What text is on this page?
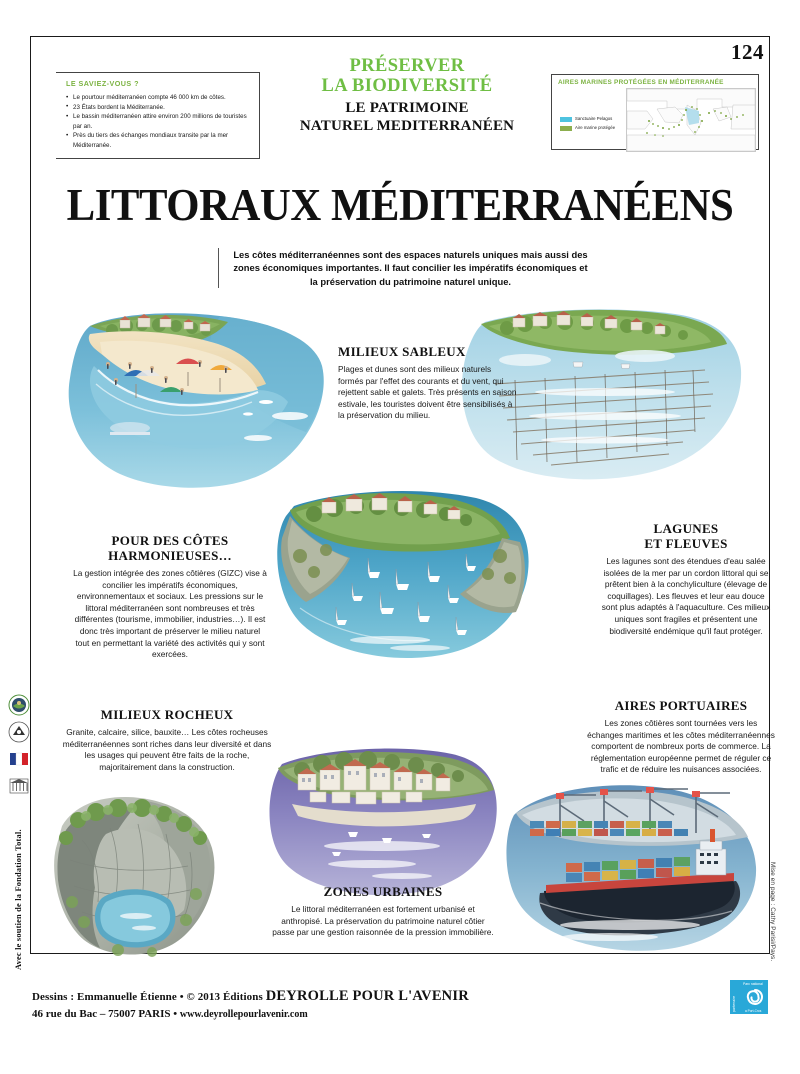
124
LE SAVIEZ-VOUS ?
• Le pourtour méditerranéen compte 46 000 km de côtes.
• 23 États bordent la Méditerranée.
• Le bassin méditerranéen attire environ 200 millions de touristes par an.
• Près du tiers des échanges mondiaux transite par la mer Méditerranée.
PRÉSERVER
LA BIODIVERSITÉ
LE PATRIMOINE
NATUREL MEDITERRANÉEN
AIRES MARINES PROTÉGÉES EN MÉDITERRANÉE
Sanctuaire Pelagos
Aire marine protégée
LITTORAUX MÉDITERRANÉENS

Les côtes méditerranéennes sont des espaces naturels uniques mais aussi des zones économiques importantes. Il faut concilier les impératifs économiques et la préservation du patrimoine naturel unique.

MILIEUX SABLEUX
Plages et dunes sont des milieux naturels formés par l'effet des courants et du vent, qui rejettent sable et galets. Très présents en saison estivale, les touristes doivent être sensibilisés à la préservation du milieu.
POUR DES CÔTES
HARMONIEUSES…
La gestion intégrée des zones côtières (GIZC) vise à concilier les impératifs économiques, environnementaux et sociaux. Les pressions sur le littoral méditerranéen sont nombreuses et très différentes (tourisme, immobilier, industries…). Il est donc très important de préserver le milieu naturel tout en permettant la variété des activités qui y sont exercées.
LAGUNES
ET FLEUVES
Les lagunes sont des étendues d'eau salée isolées de la mer par un cordon littoral qui se prêtent bien à la conchyliculture (élevage de coquillages). Les fleuves et leur eau douce sont plus adaptés à l'aquaculture. Ces milieux uniques sont fragiles et présentent une biodiversité endémique qu'il faut protéger.
MILIEUX ROCHEUX
Granite, calcaire, silice, bauxite… Les côtes rocheuses méditerranéennes sont riches dans leur diversité et dans les usages qui peuvent être faits de la roche, majoritairement dans la construction.
AIRES PORTUAIRES
Les zones côtières sont tournées vers les échanges maritimes et les côtes méditerranéennes comportent de nombreux ports de commerce. La réglementation européenne permet de réguler ce trafic et de réduire les nuisances associées.
ZONES URBAINES
Le littoral méditerranéen est fortement urbanisé et anthropisé. La préservation du patrimoine naturel côtier passe par une gestion raisonnée de la pression immobilière.
Avec le soutien de la Fondation Total.	Mise en page : Cathy Parisi/Pays.
Dessins : Emmanuelle Étienne • © 2013 Éditions DEYROLLE POUR L'AVENIR
46 rue du Bac – 75007 PARIS • www.deyrollepourlavenir.com
partenaire
Parc national
a Port-Cros
